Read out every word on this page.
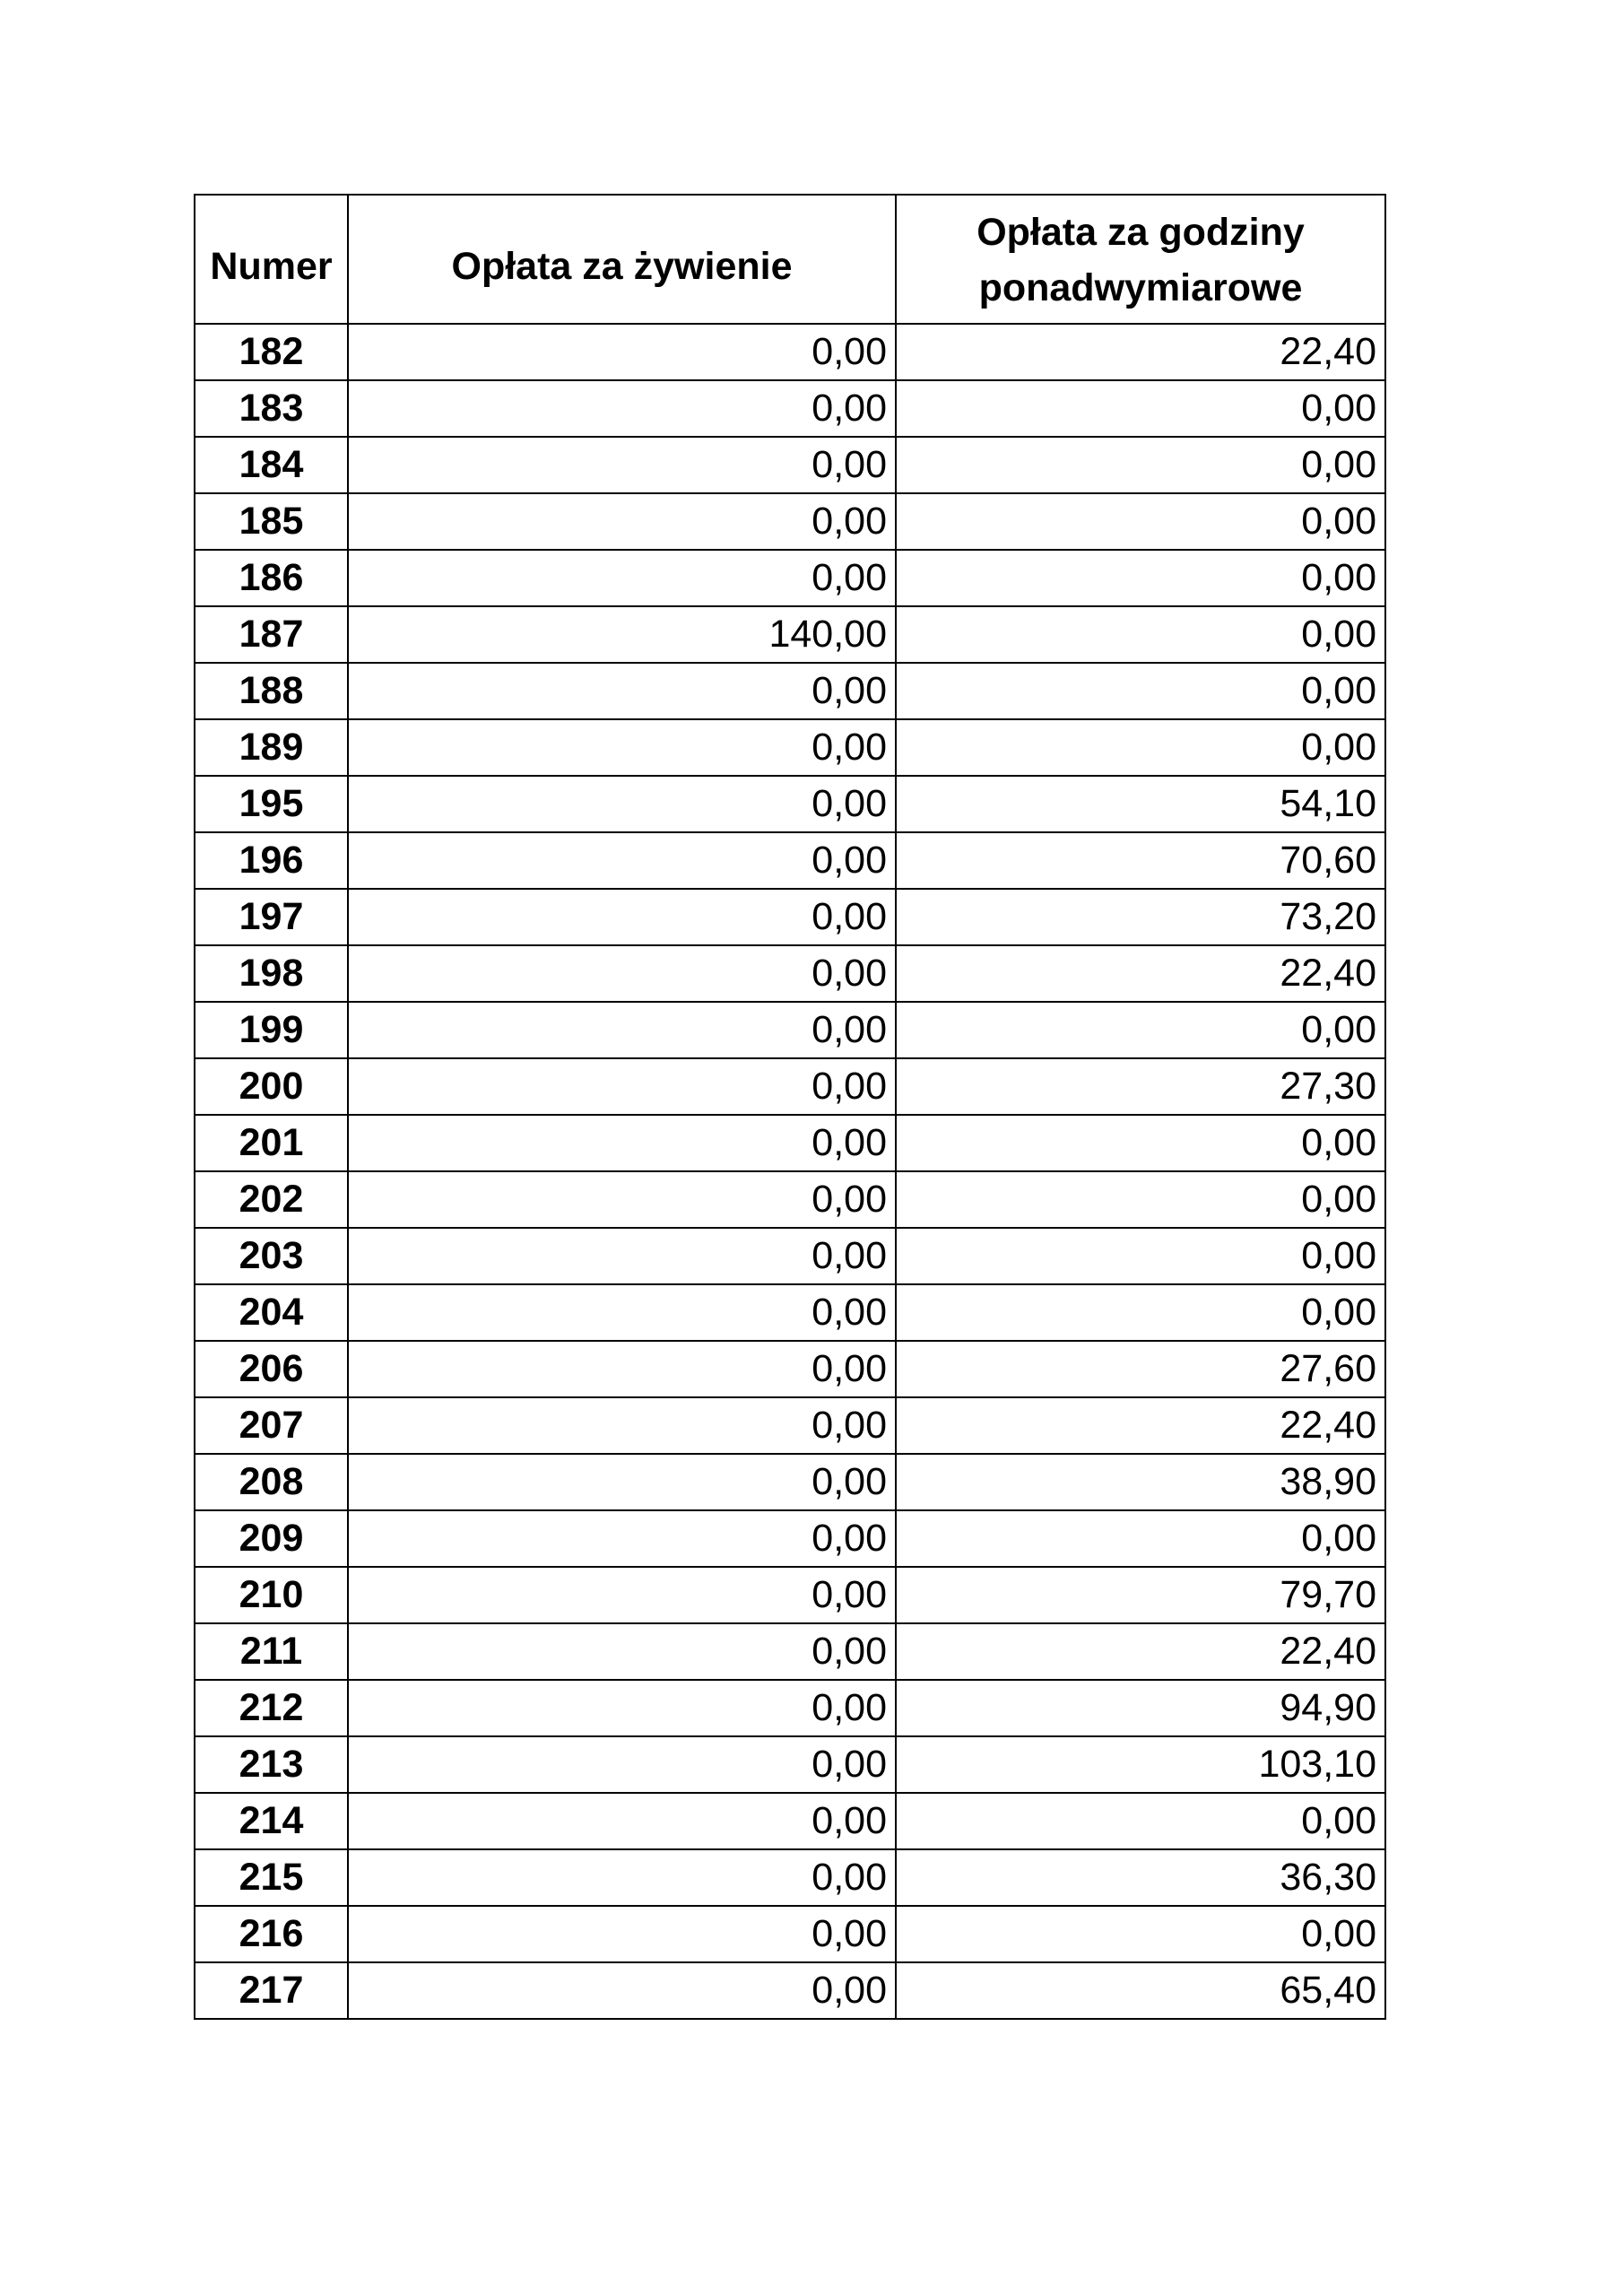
Numer	Opłata za żywienie	Opłata za godziny ponadwymiarowe
182	0,00	22,40
183	0,00	0,00
184	0,00	0,00
185	0,00	0,00
186	0,00	0,00
187	140,00	0,00
188	0,00	0,00
189	0,00	0,00
195	0,00	54,10
196	0,00	70,60
197	0,00	73,20
198	0,00	22,40
199	0,00	0,00
200	0,00	27,30
201	0,00	0,00
202	0,00	0,00
203	0,00	0,00
204	0,00	0,00
206	0,00	27,60
207	0,00	22,40
208	0,00	38,90
209	0,00	0,00
210	0,00	79,70
211	0,00	22,40
212	0,00	94,90
213	0,00	103,10
214	0,00	0,00
215	0,00	36,30
216	0,00	0,00
217	0,00	65,40
